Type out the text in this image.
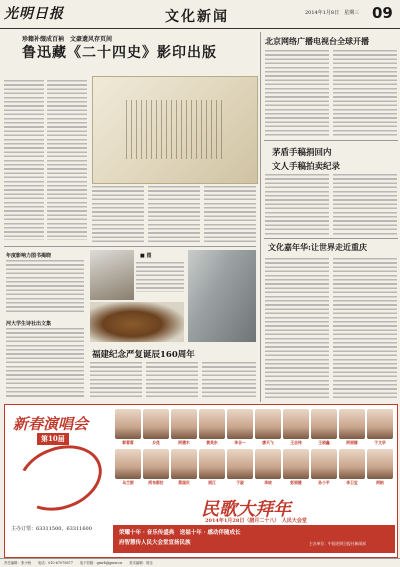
光明日报	文化新闻	2014年1月8日　星期三 09
珍籍补缀成百衲　文豪遗风存页间
鲁迅藏《二十四史》影印出版
北京网络广播电视台全球开播
茅盾手稿捐回内
文人手稿拍卖纪录
文化嘉年华:让世界走近重庆
年度影响力图书揭晓
河大学生诗社出文集
■ 图
福建纪念严复诞辰160周年
新春演唱会
第10届
主办订票：63311500、63311600
郭蓉蓉	乡昆	阿德木	黄英东	李谷一	廖天飞	王志伟	王晓鑫	阿丽娜	于文华
乌兰图	阿布都拉	蔡国庆	丽江	于淑	李坡	彭丽媛	孙小平	李卫宝	阿帕
民歌大拜年
2014年1月28日（腊月二十八）　人民大会堂
荣耀十年 · 音乐传盛典　送福十年 · 感动伴随成长
府智慧传人民大会堂宣扬民族	主办单位：中国光明日报社新闻部
责任编辑：张小秋　　电话：010-67078877　　电子信箱：gmrb@gmw.cn　　美术编辑：郭全
